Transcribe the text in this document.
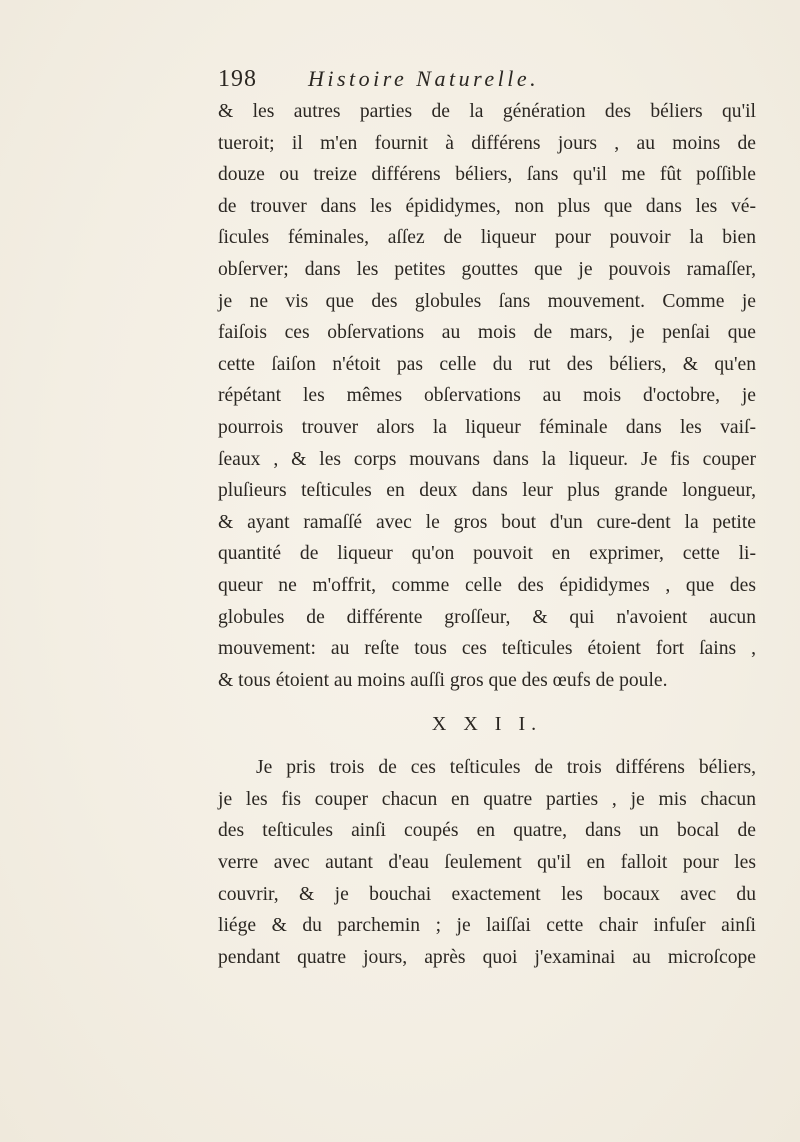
198	Histoire Naturelle.
& les autres parties de la génération des béliers qu'il
tueroit; il m'en fournit à différens jours , au moins de
douze ou treize différens béliers, ſans qu'il me fût poſſible
de trouver dans les épididymes, non plus que dans les vé-
ſicules féminales, aſſez de liqueur pour pouvoir la bien
obſerver; dans les petites gouttes que je pouvois ramaſſer,
je ne vis que des globules ſans mouvement. Comme je
faiſois ces obſervations au mois de mars, je penſai que
cette ſaiſon n'étoit pas celle du rut des béliers, & qu'en
répétant les mêmes obſervations au mois d'octobre, je
pourrois trouver alors la liqueur féminale dans les vaiſ-
ſeaux , & les corps mouvans dans la liqueur. Je fis couper
pluſieurs teſticules en deux dans leur plus grande longueur,
& ayant ramaſſé avec le gros bout d'un cure-dent la petite
quantité de liqueur qu'on pouvoit en exprimer, cette li-
queur ne m'offrit, comme celle des épididymes , que des
globules de différente groſſeur, & qui n'avoient aucun
mouvement: au reſte tous ces teſticules étoient fort ſains ,
& tous étoient au moins auſſi gros que des œufs de poule.
X X I I.
Je pris trois de ces teſticules de trois différens béliers,
je les fis couper chacun en quatre parties , je mis chacun
des teſticules ainſi coupés en quatre, dans un bocal de
verre avec autant d'eau ſeulement qu'il en falloit pour les
couvrir, & je bouchai exactement les bocaux avec du
liége & du parchemin ; je laiſſai cette chair infuſer ainſi
pendant quatre jours, après quoi j'examinai au microſcope
